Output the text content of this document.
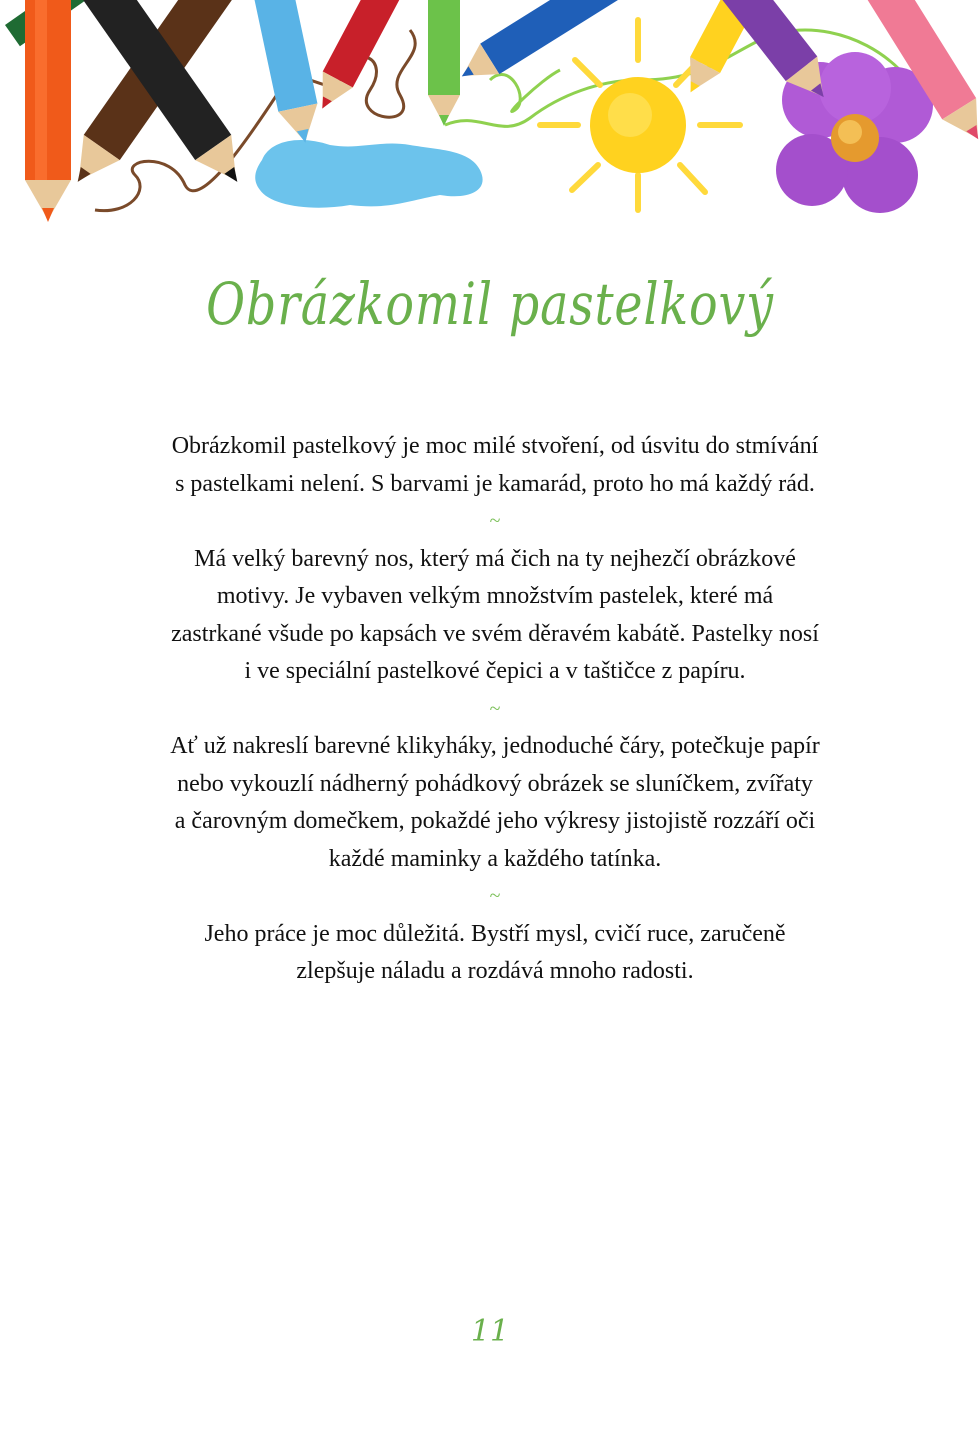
Obrázkomil pastelkový
Obrázkomil pastelkový je moc milé stvoření, od úsvitu do stmívání
s pastelkami nelení. S barvami je kamarád, proto ho má každý rád.
~
Má velký barevný nos, který má čich na ty nejhezčí obrázkové
motivy. Je vybaven velkým množstvím pastelek, které má
zastrkané všude po kapsách ve svém děravém kabátě. Pastelky nosí
i ve speciální pastelkové čepici a v taštičce z papíru.
~
Ať už nakreslí barevné klikyháky, jednoduché čáry, potečkuje papír
nebo vykouzlí nádherný pohádkový obrázek se sluníčkem, zvířaty
a čarovným domečkem, pokaždé jeho výkresy jistojistě rozzáří oči
každé maminky a každého tatínka.
~
Jeho práce je moc důležitá. Bystří mysl, cvičí ruce, zaručeně
zlepšuje náladu a rozdává mnoho radosti.
11
